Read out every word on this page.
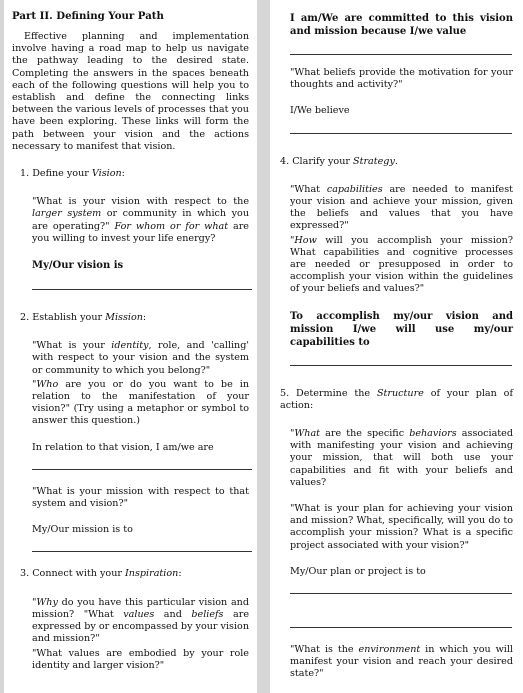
Part II. Defining Your Path

Effective planning and implementation involve having a road map to help us navigate the pathway leading to the desired state. Completing the answers in the spaces beneath each of the following questions will help you to establish and define the connecting links between the various levels of processes that you have been exploring. These links will form the path between your vision and the actions necessary to manifest that vision.

1. Define your Vision:

"What is your vision with respect to the larger system or community in which you are operating?" For whom or for what are you willing to invest your life energy?

My/Our vision is

2. Establish your Mission:

"What is your identity, role, and 'calling' with respect to your vision and the system or community to which you belong?"

"Who are you or do you want to be in relation to the manifestation of your vision?" (Try using a metaphor or symbol to answer this question.)

In relation to that vision, I am/we are

"What is your mission with respect to that system and vision?"

My/Our mission is to

3. Connect with your Inspiration:

"Why do you have this particular vision and mission? "What values and beliefs are expressed by or encompassed by your vision and mission?"

"What values are embodied by your role identity and larger vision?"

I am/We are committed to this vision and mission because I/we value

"What beliefs provide the motivation for your thoughts and activity?"

I/We believe

4. Clarify your Strategy.

"What capabilities are needed to manifest your vision and achieve your mission, given the beliefs and values that you have expressed?"

"How will you accomplish your mission? What capabilities and cognitive processes are needed or presupposed in order to accomplish your vision within the guidelines of your beliefs and values?"

To accomplish my/our vision and mission I/we will use my/our capabilities to

5. Determine the Structure of your plan of action:

"What are the specific behaviors associated with manifesting your vision and achieving your mission, that will both use your capabilities and fit with your beliefs and values?

"What is your plan for achieving your vision and mission? What, specifically, will you do to accomplish your mission? What is a specific project associated with your vision?"

My/Our plan or project is to

"What is the environment in which you will manifest your vision and reach your desired state?"
